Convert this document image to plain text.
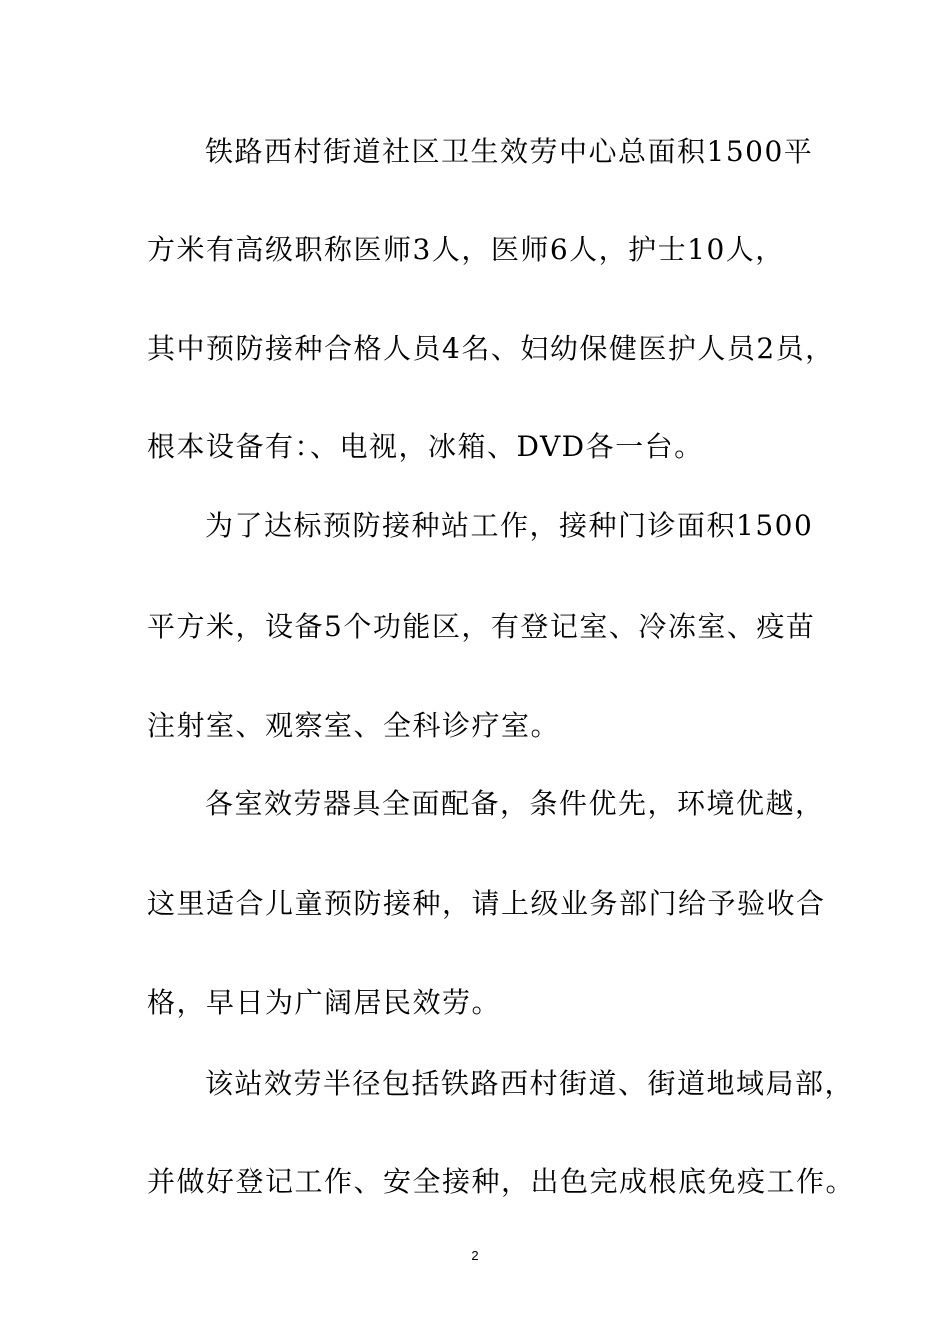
铁路西村街道社区卫生效劳中心总面积1500平
方米有高级职称医师3人，医师6人，护士10人，
其中预防接种合格人员4名、妇幼保健医护人员2员，
根本设备有：、电视，冰箱、DVD各一台。
为了达标预防接种站工作，接种门诊面积1500
平方米，设备5个功能区，有登记室、冷冻室、疫苗
注射室、观察室、全科诊疗室。
各室效劳器具全面配备，条件优先，环境优越，
这里适合儿童预防接种，请上级业务部门给予验收合
格，早日为广阔居民效劳。
该站效劳半径包括铁路西村街道、街道地域局部，
并做好登记工作、安全接种，出色完成根底免疫工作。
2
